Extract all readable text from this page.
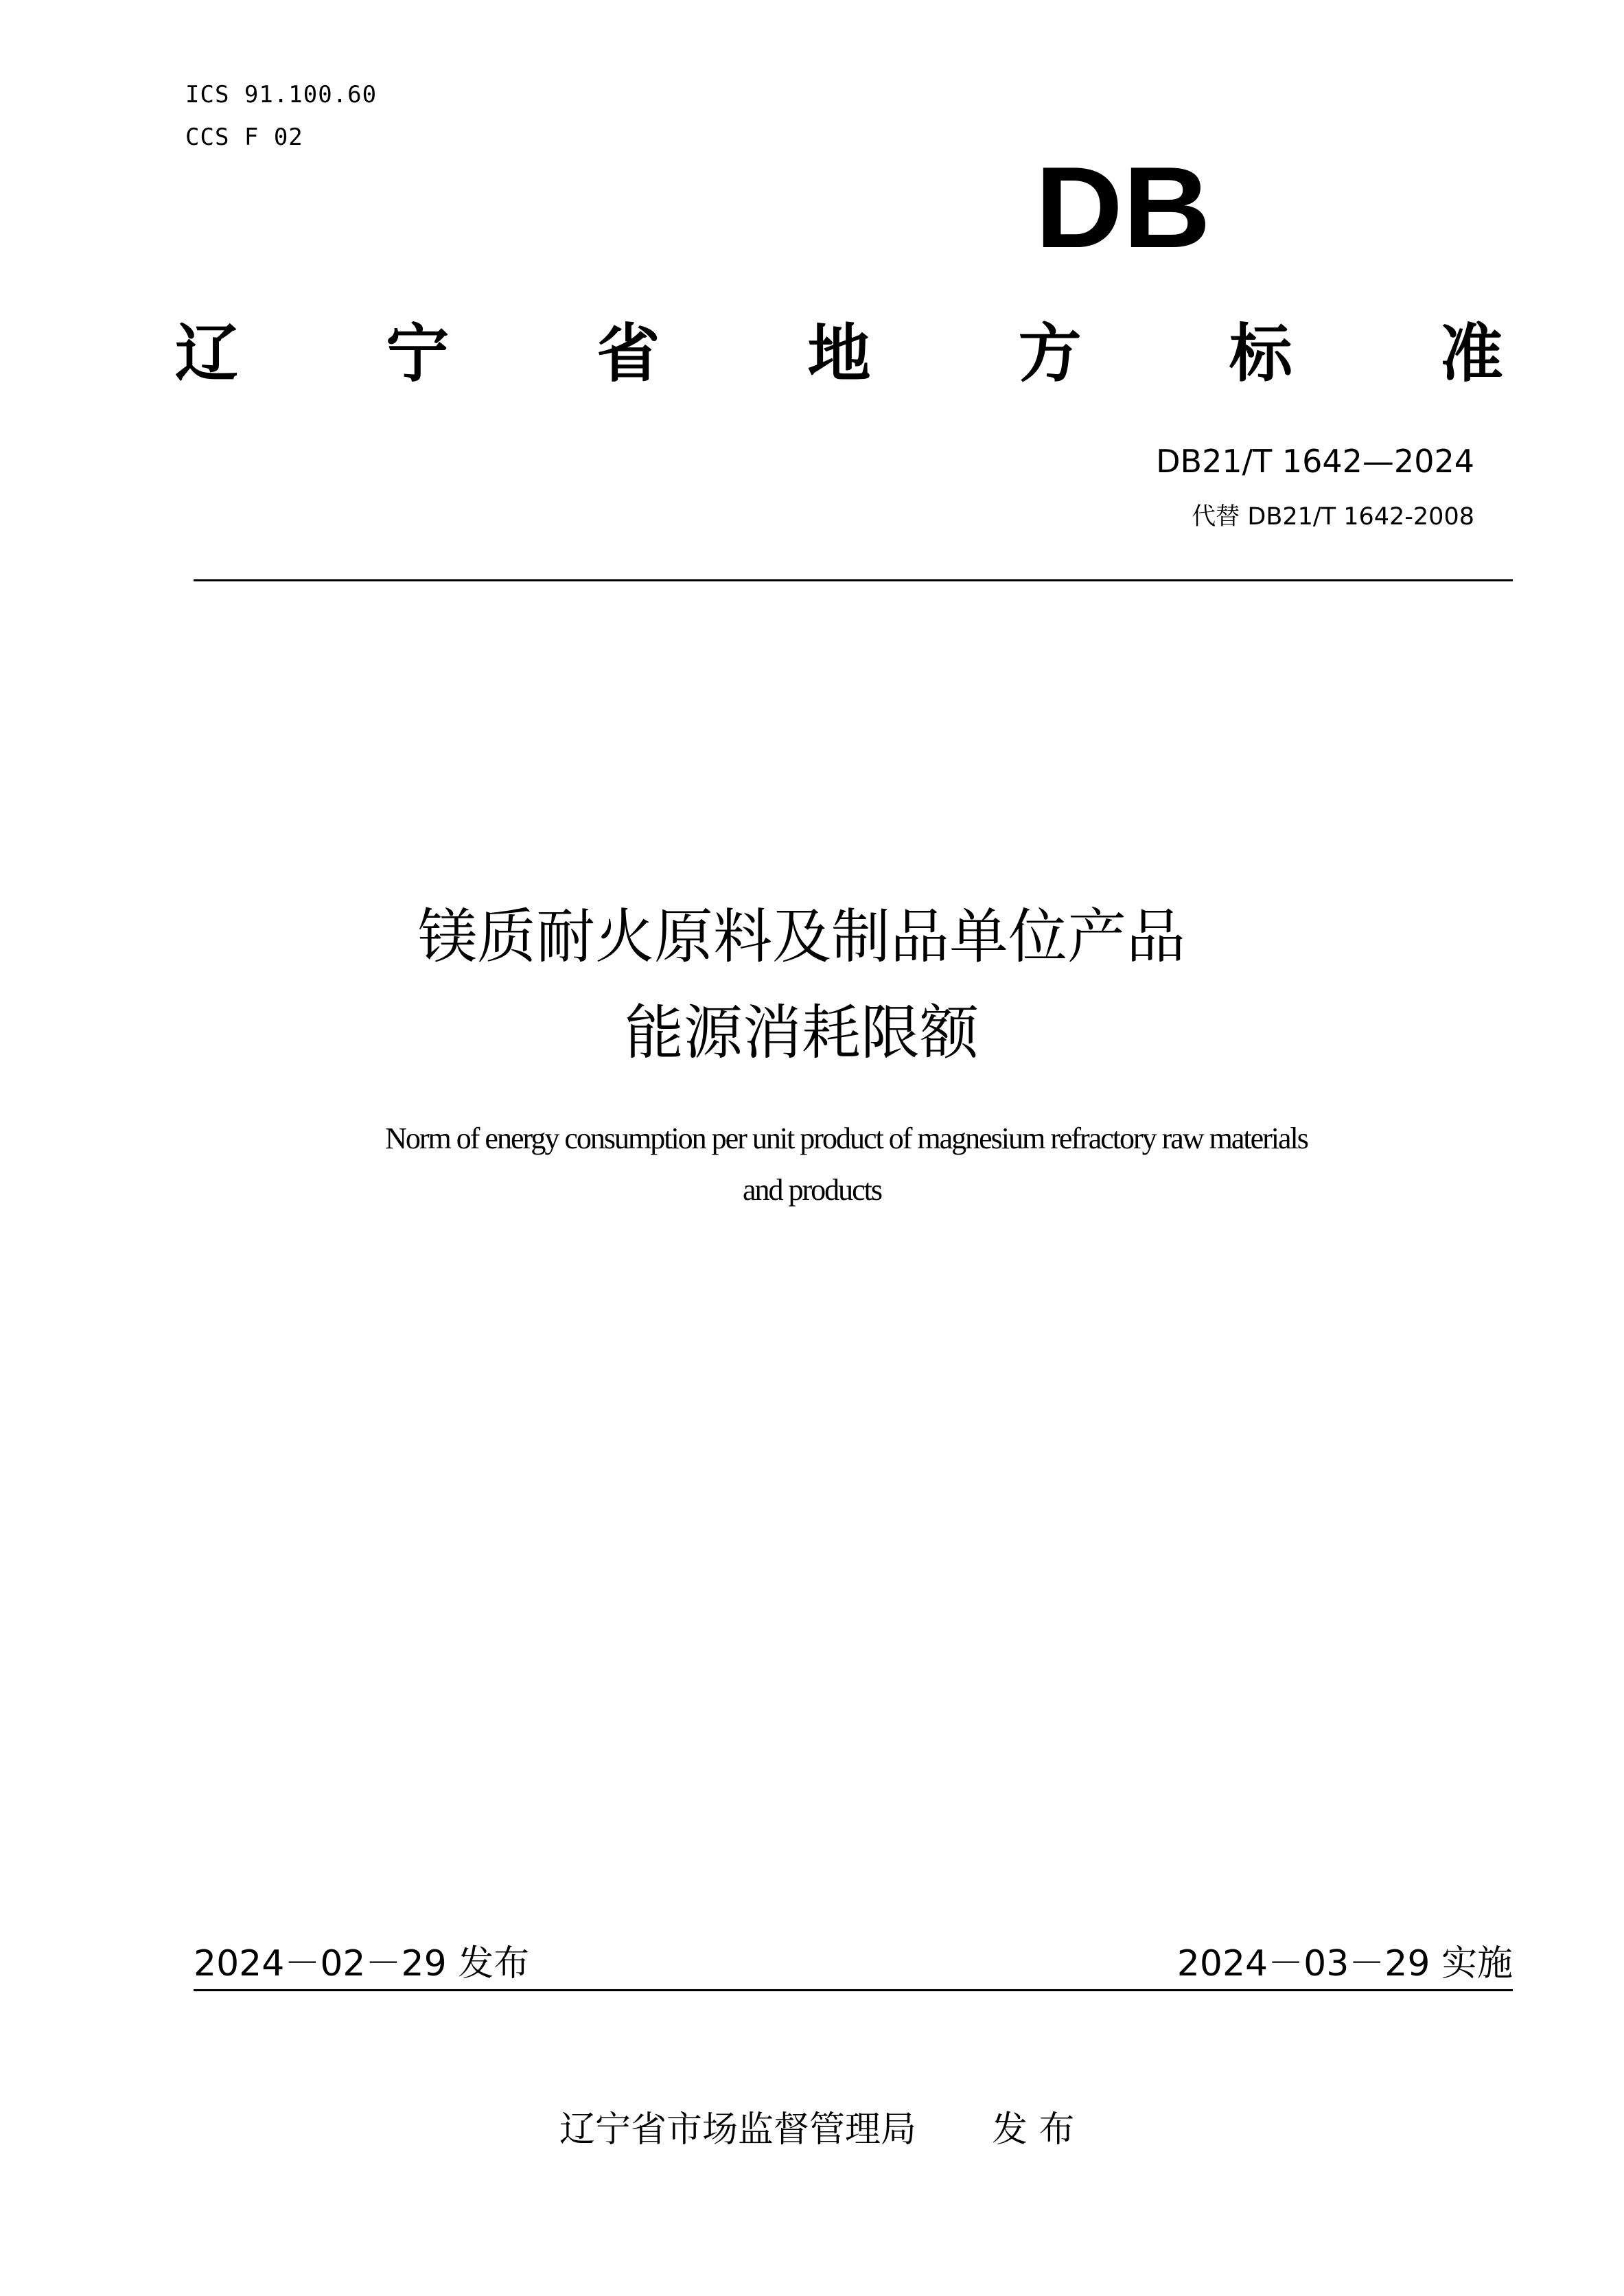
ICS 91.100.60
CCS F 02
DB
辽 宁 省 地 方 标 准
DB21/T 1642—2024
代替 DB21/T 1642-2008
镁质耐火原料及制品单位产品
能源消耗限额
Norm of energy consumption per unit product of magnesium refractory raw materials
and products
2024－02－29 发布	2024－03－29 实施
辽宁省市场监督管理局 发 布
